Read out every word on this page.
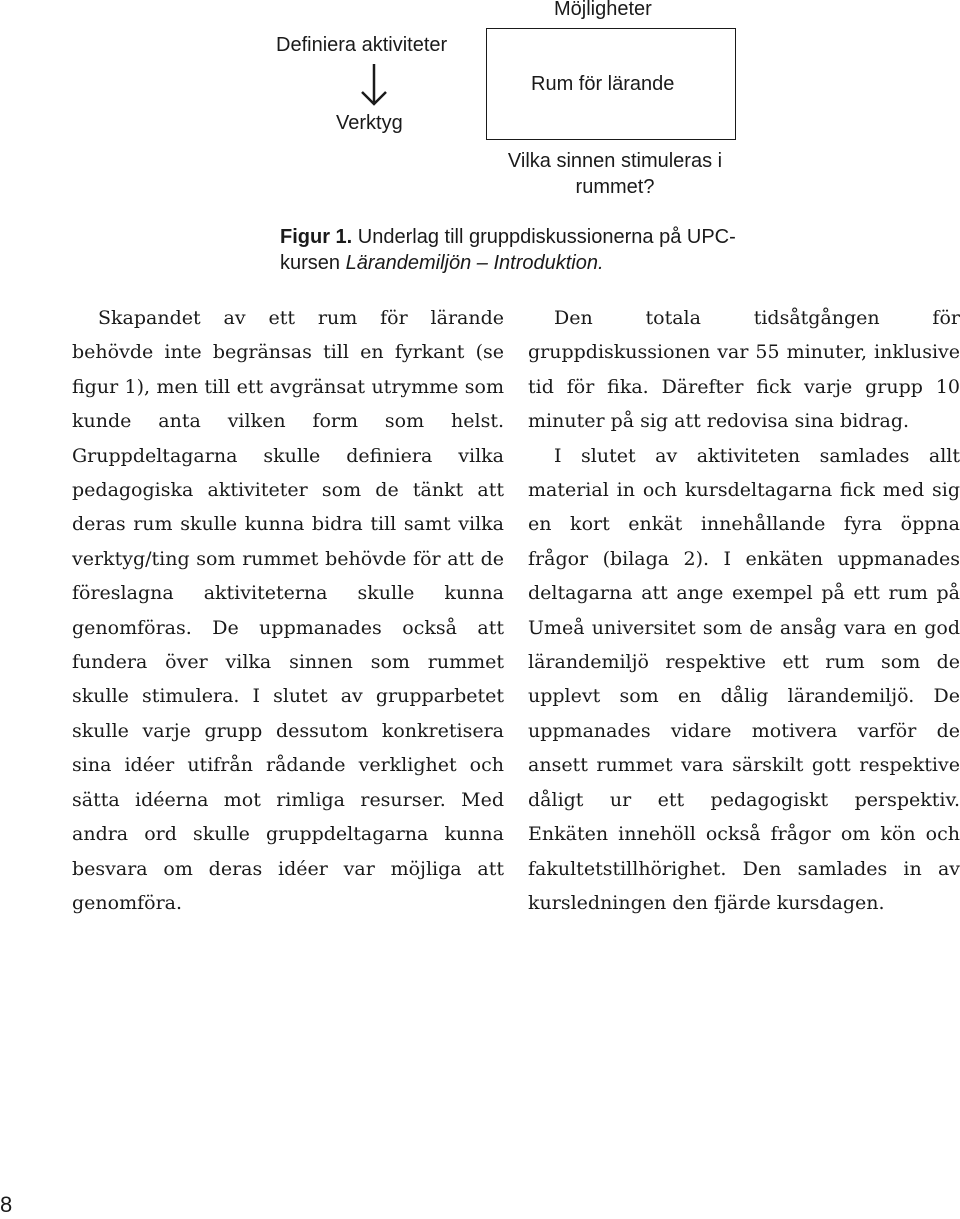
Definiera aktiviteter
Möjligheter
Rum för lärande
Verktyg
Vilka sinnen stimuleras i rummet?
Figur 1. Underlag till gruppdiskussionerna på UPC-kursen Lärandemiljön – Introduktion.

Skapandet av ett rum för lärande behövde inte begränsas till en fyrkant (se figur 1), men till ett avgränsat utrymme som kunde anta vilken form som helst. Gruppdeltagarna skulle definiera vilka pedagogiska aktiviteter som de tänkt att deras rum skulle kunna bidra till samt vilka verktyg/ting som rummet behövde för att de föreslagna aktiviteterna skulle kunna genomföras. De uppmanades också att fundera över vilka sinnen som rummet skulle stimulera. I slutet av grupparbetet skulle varje grupp dessutom konkretisera sina idéer utifrån rådande verklighet och sätta idéerna mot rimliga resurser. Med andra ord skulle gruppdeltagarna kunna besvara om deras idéer var möjliga att genomföra.

Den totala tidsåtgången för gruppdiskussionen var 55 minuter, inklusive tid för fika. Därefter fick varje grupp 10 minuter på sig att redovisa sina bidrag.

I slutet av aktiviteten samlades allt material in och kursdeltagarna fick med sig en kort enkät innehållande fyra öppna frågor (bilaga 2). I enkäten uppmanades deltagarna att ange exempel på ett rum på Umeå universitet som de ansåg vara en god lärandemiljö respektive ett rum som de upplevt som en dålig lärandemiljö. De uppmanades vidare motivera varför de ansett rummet vara särskilt gott respektive dåligt ur ett pedagogiskt perspektiv. Enkäten innehöll också frågor om kön och fakultetstillhörighet. Den samlades in av kursledningen den fjärde kursdagen.

8
